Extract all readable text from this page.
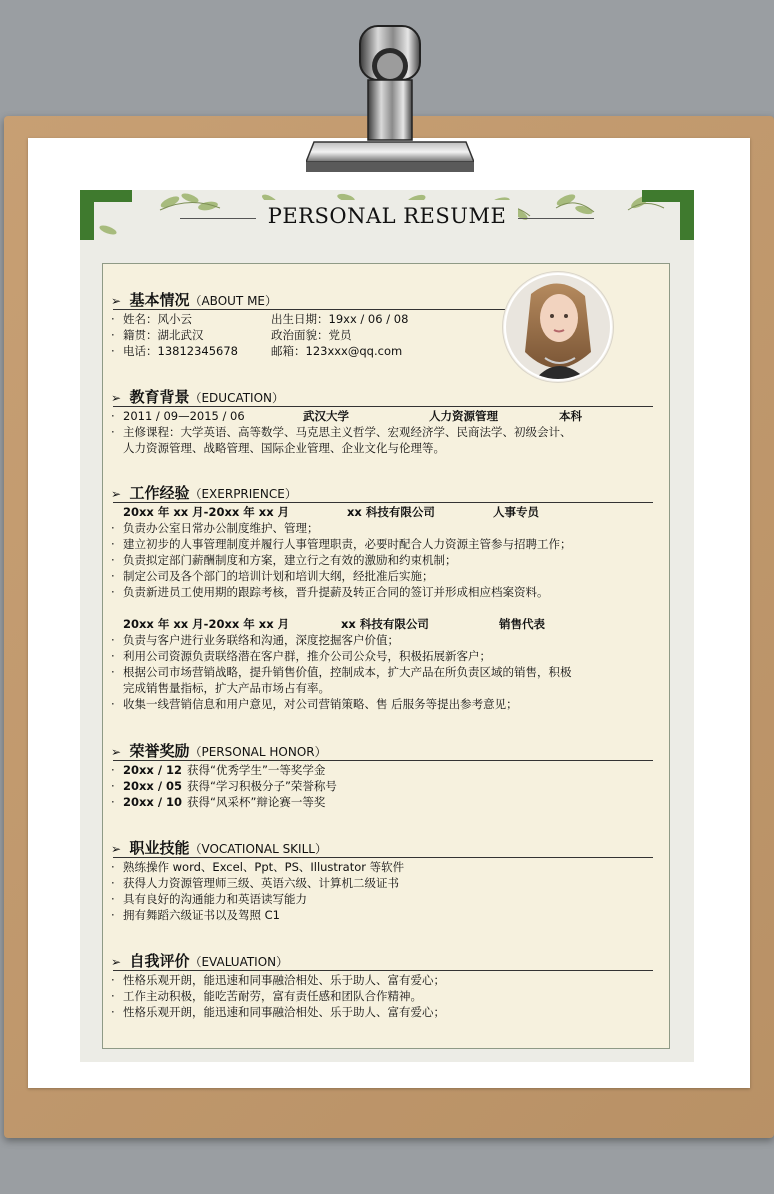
PERSONAL RESUME
➢ 基本情况（ABOUT ME）
· 姓名：风小云	出生日期：19xx / 06 / 08
· 籍贯：湖北武汉	政治面貌：党员
· 电话：13812345678	邮箱：123xxx@qq.com
➢ 教育背景（EDUCATION）
· 2011 / 09—2015 / 06	武汉大学	人力资源管理	本科
· 主修课程：大学英语、高等数学、马克思主义哲学、宏观经济学、民商法学、初级会计、
人力资源管理、战略管理、国际企业管理、企业文化与伦理等。
➢ 工作经验（EXERPRIENCE）
20xx 年 xx 月-20xx 年 xx 月	xx 科技有限公司	人事专员
· 负责办公室日常办公制度维护、管理；
· 建立初步的人事管理制度并履行人事管理职责，必要时配合人力资源主管参与招聘工作；
· 负责拟定部门薪酬制度和方案，建立行之有效的激励和约束机制；
· 制定公司及各个部门的培训计划和培训大纲，经批准后实施；
· 负责新进员工使用期的跟踪考核，晋升提薪及转正合同的签订并形成相应档案资料。
20xx 年 xx 月-20xx 年 xx 月	xx 科技有限公司	销售代表
· 负责与客户进行业务联络和沟通，深度挖掘客户价值；
· 利用公司资源负责联络潜在客户群，推介公司公众号，积极拓展新客户；
· 根据公司市场营销战略，提升销售价值，控制成本，扩大产品在所负责区域的销售，积极
完成销售量指标，扩大产品市场占有率。
· 收集一线营销信息和用户意见，对公司营销策略、售 后服务等提出参考意见；
➢ 荣誉奖励（PERSONAL HONOR）
· 20xx / 12 获得“优秀学生”一等奖学金
· 20xx / 05 获得“学习积极分子”荣誉称号
· 20xx / 10 获得“风采杯”辩论赛一等奖
➢ 职业技能（VOCATIONAL SKILL）
· 熟练操作 word、Excel、Ppt、PS、Illustrator 等软件
· 获得人力资源管理师三级、英语六级、计算机二级证书
· 具有良好的沟通能力和英语读写能力
· 拥有舞蹈六级证书以及驾照 C1
➢ 自我评价（EVALUATION）
· 性格乐观开朗，能迅速和同事融洽相处、乐于助人、富有爱心；
· 工作主动积极，能吃苦耐劳，富有责任感和团队合作精神。
· 性格乐观开朗，能迅速和同事融洽相处、乐于助人、富有爱心；
